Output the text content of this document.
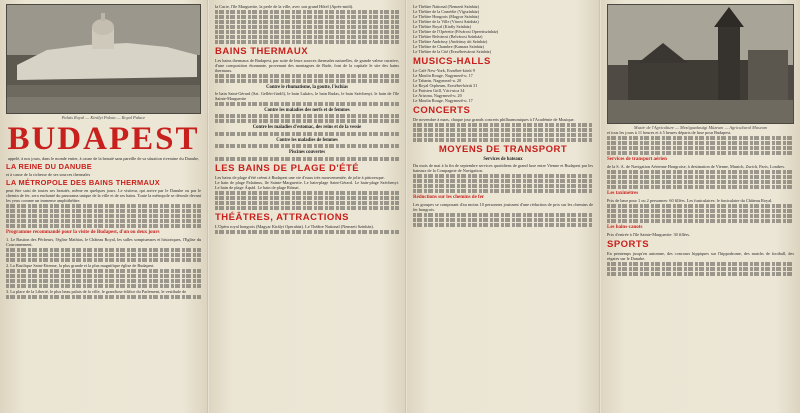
Palais Royal — Királyi Palota — Royal Palace
BUDAPEST

appelé, à nos jours, dans le monde entier, à cause de la beauté sans pareille de sa situation riveraine du Danube,

LA REINE DU DANUBE

et à cause de la richesse de ses sources thermales

LA MÉTROPOLE DES BAINS THERMAUX

peut être saisi de toutes ses beautés, même en quelques jours. Le visiteur, qui arrive par le Danube ou par le chemin de fer, sera enchanté du panorama unique de la ville et de ses bains. Toute la métropole se déroule devant les yeux comme un immense amphithéâtre.

Programme recommandé pour la visite de Budapest, d'un ou deux jours

1. Le Bastion des Pêcheurs, l'église Mathias, le Château Royal, les salles somptueuses et historiques, l'Eglise du Couronnement.

2. La Basilique Saint-Etienne, la plus grande et la plus magnifique église de Budapest.

3. La place de la Liberté, le plus beau palais de la ville, le grandiose édifice du Parlement, le vestibule de

la Curie, l'île Marguerite, la perle de la ville, avec son grand Hôtel (Après-midi).

BAINS THERMAUX

Les bains thermaux de Budapest, par suite de leurs sources thermales naturelles, de grande valeur curative, d'une composition étonnante, provenant des montagnes de Bude, font de la capitale le site des bains thermaux.

Contre le rhumatisme, la goutte, l'ischias

le bain Saint-Gérard (Szt. Gellért-fürdő), le bain Lukács, le bain Rudas, le bain Széchenyi, le bain de l'île Sainte-Marguerite

Contre les maladies des nerfs et de femmes
Contre les maladies d'estomac, des reins et de la vessie
Contre les maladies de femmes
Piscines couvertes
LES BAINS DE PLAGE D'ÉTÉ

Les bains de plage d'été créent à Budapest une vie d'eaux très mouvementée, de jolie à pittoresque.

Le bain de plage Palatinus, île Sainte-Marguerite. Le bain-plage Saint-Gérard. Le bain-plage Széchenyi. Le bain de plage Árpád. Le bain de plage Római.

THÉÂTRES, ATTRACTIONS

L'Opéra royal hongrois (Magyar Királyi Operaház). Le Théâtre National (Nemzeti Színház).

Le Théâtre National (Nemzeti Színház)
Le Théâtre de la Comédie (Vígszínház)
Le Théâtre Hongrois (Magyar Színház)
Le Théâtre de la Ville (Városi Színház)
Le Théâtre Royal (Király Színház)
Le Théâtre de l'Opérette (Fővárosi Operettszínház)
Le Théâtre Belvárosi (Belvárosi Színház)
Le Théâtre Andrássy (Andrássy úti Színház)
Le Théâtre de Chambre (Kamara Színház)
Le Théâtre de la Cité (Erzsébetvárosi Színház)
MUSICS-HALLS
Le Café New-York, Erzsébet-körút 9
Le Moulin Rouge, Nagymező-u. 17
Le Tabarin, Nagymező-u. 20
Le Royal Orpheum, Erzsébet-körút 31
Le Parisien Grill, Váci-utca 34
Le Arizona, Nagymező-u. 20
Le Moulin Rouge, Nagymező-u. 17
CONCERTS

De novembre à mars, chaque jour grands concerts philharmoniques à l'Académie de Musique.

MOYENS DE TRANSPORT
Services de bateaux

Du mois de mai à la fin de septembre services quotidiens de grand luxe entre Vienne et Budapest par les bateaux de la Compagnie de Navigation.

Réductions sur les chemins de fer

Les groupes se composant d'au moins 10 personnes jouissent d'une réduction de prix sur les chemins de fer hongrois.

Musée de l'Agriculture — Mezőgazdasági Múzeum — Agricultural Museum

et tous les jours à 11 heures et à 5 heures départs de luxe pour Budapest.

Services de transport aérien

de la S. A. de Navigation Aérienne Hongroise, à destination de Vienne, Munich, Zurich, Paris, Londres.

Les taximètres

Prix de base pour 1 ou 2 personnes: 60 fillérs. Les funiculaires: le funiculaire du Château Royal.

Les bains-canots

Prix d'entrée à l'île Sainte-Marguerite: 30 fillérs.

SPORTS

En printemps jusqu'en automne, des concours hippiques sur l'hippodrome, des matchs de football, des régates sur le Danube.
